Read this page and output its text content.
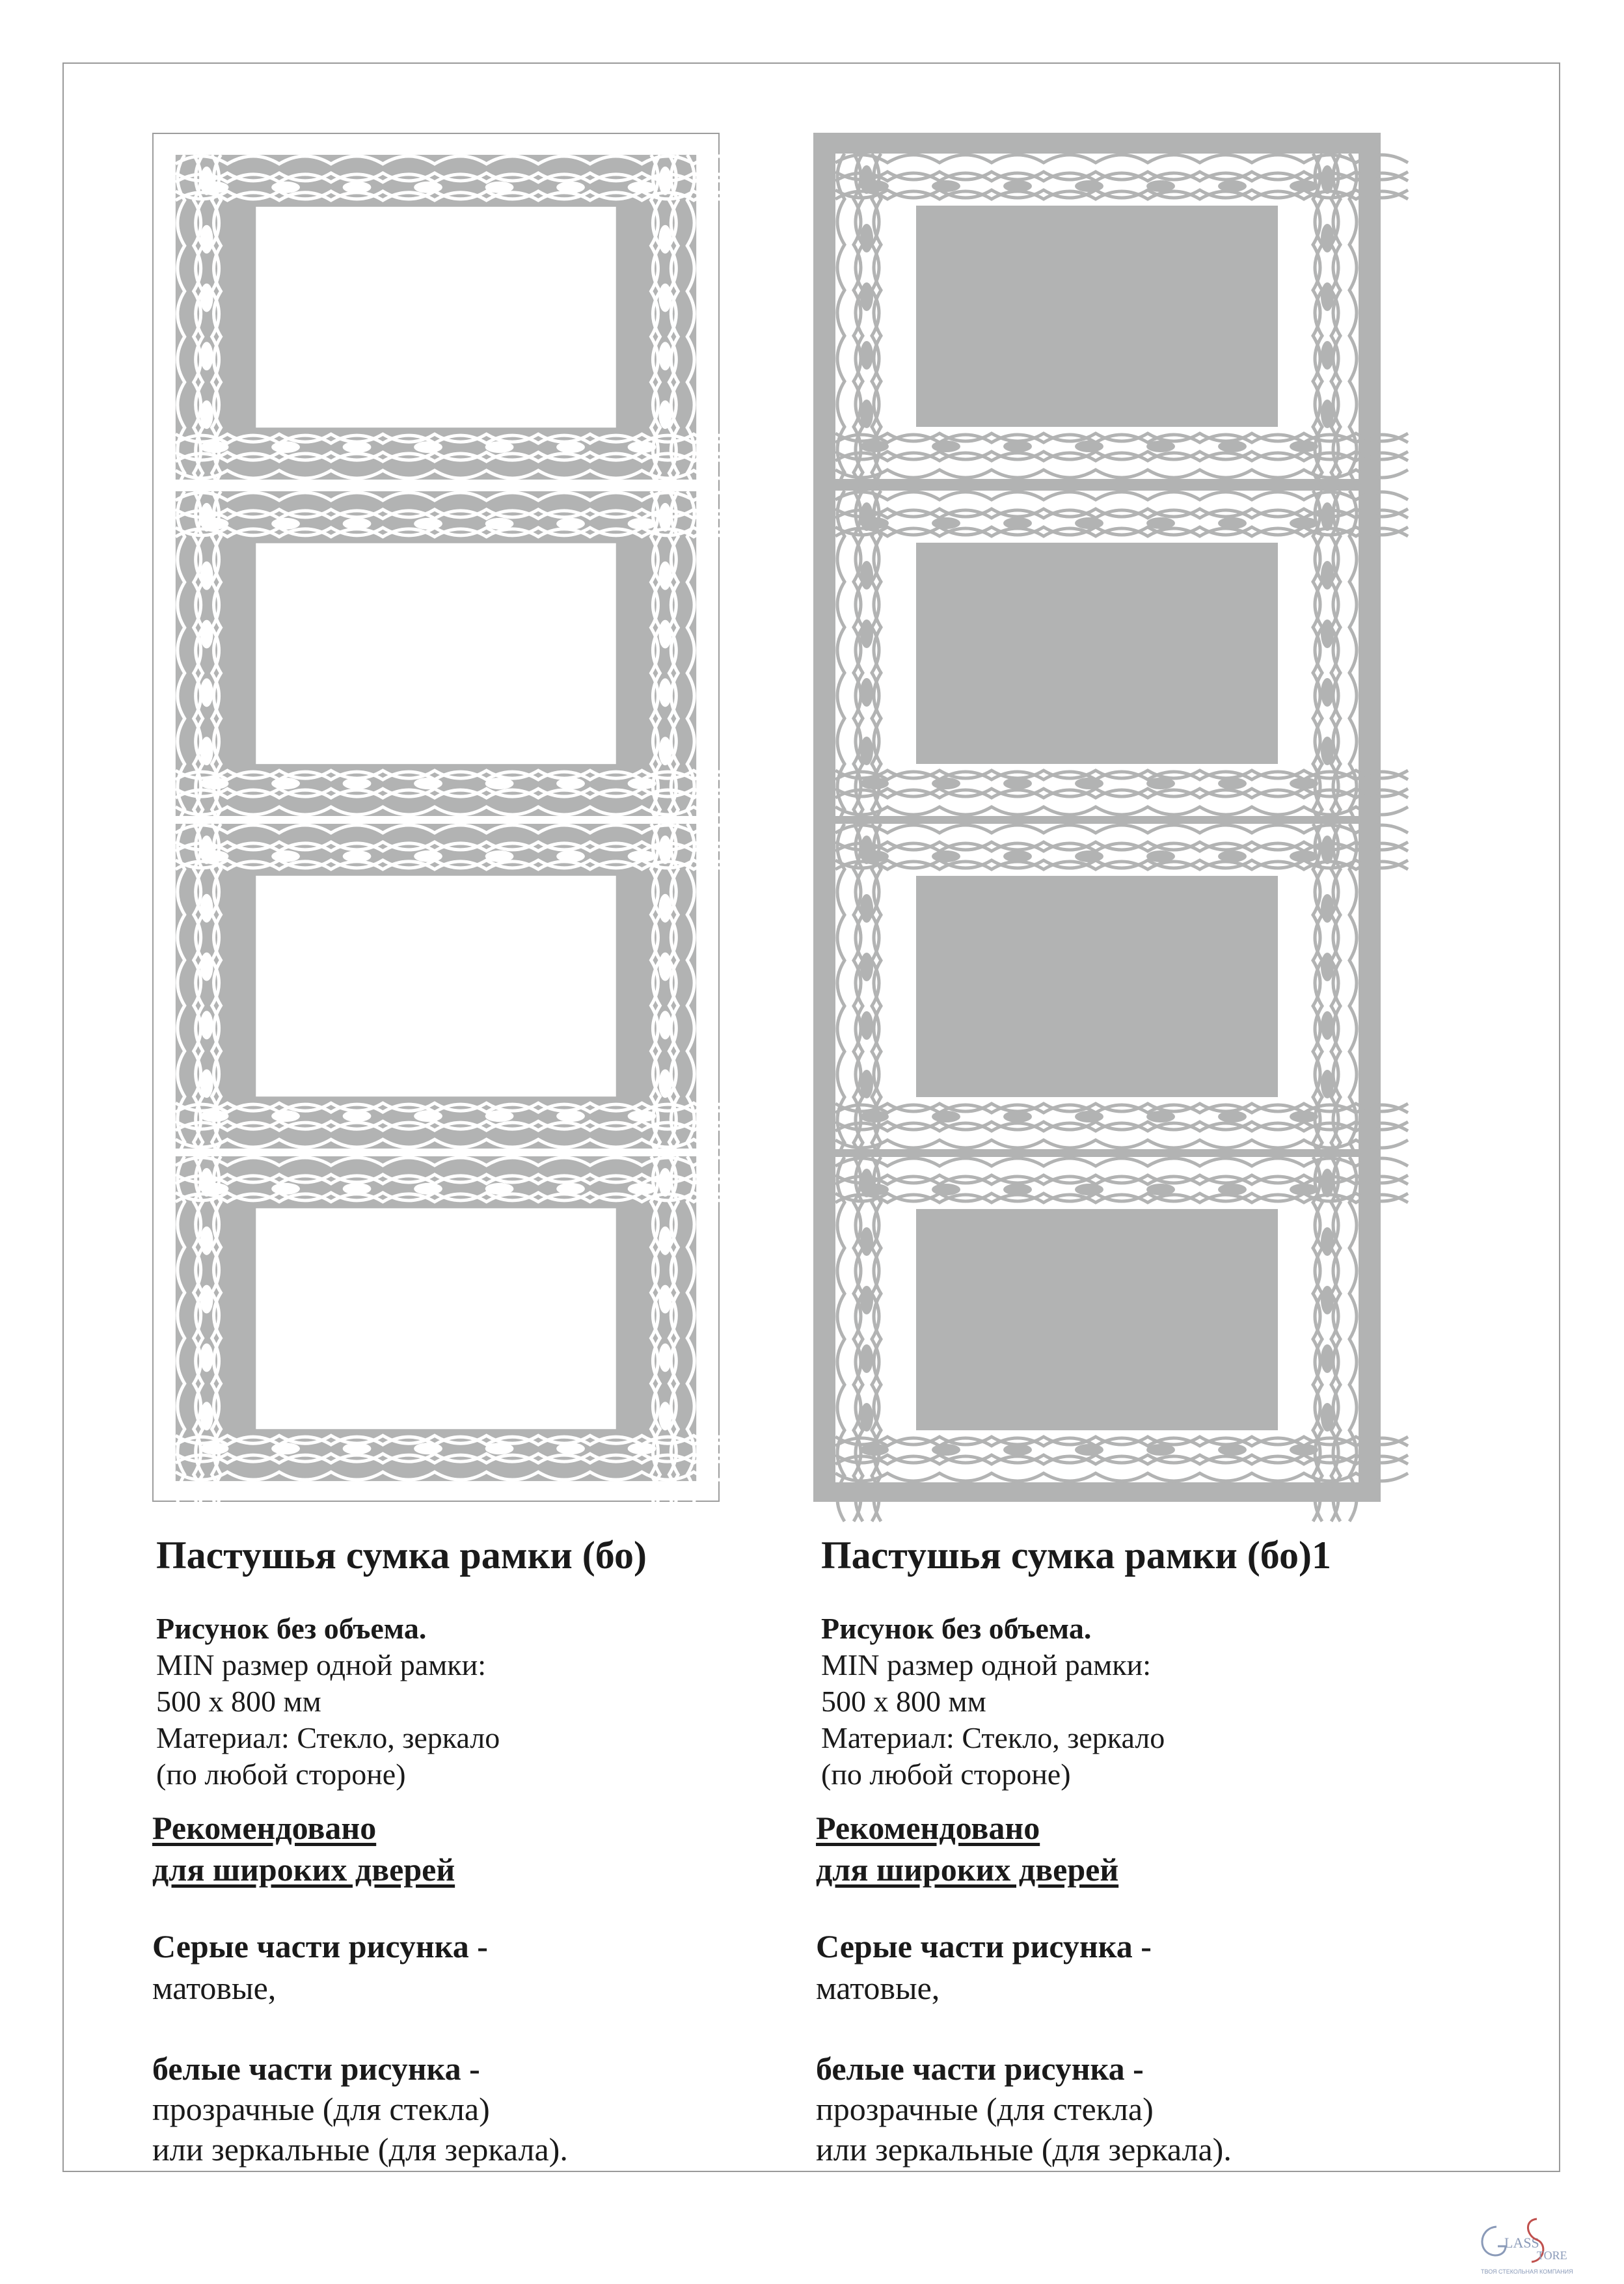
Пастушья сумка рамки (бо)
Рисунок без объема.
MIN размер одной рамки:
500 х 800 мм
Материал: Стекло, зеркало
(по любой стороне)
Рекомендовано
для широких дверей
Серые части рисунка -
матовые,
белые части рисунка -
прозрачные (для стекла)
или зеркальные (для зеркала).
Пастушья сумка рамки (бо)1
Рисунок без объема.
MIN размер одной рамки:
500 х 800 мм
Материал: Стекло, зеркало
(по любой стороне)
Рекомендовано
для широких дверей
Серые части рисунка -
матовые,
белые части рисунка -
прозрачные (для стекла)
или зеркальные (для зеркала).
LASS
TORE
ТВОЯ СТЕКОЛЬНАЯ КОМПАНИЯ
